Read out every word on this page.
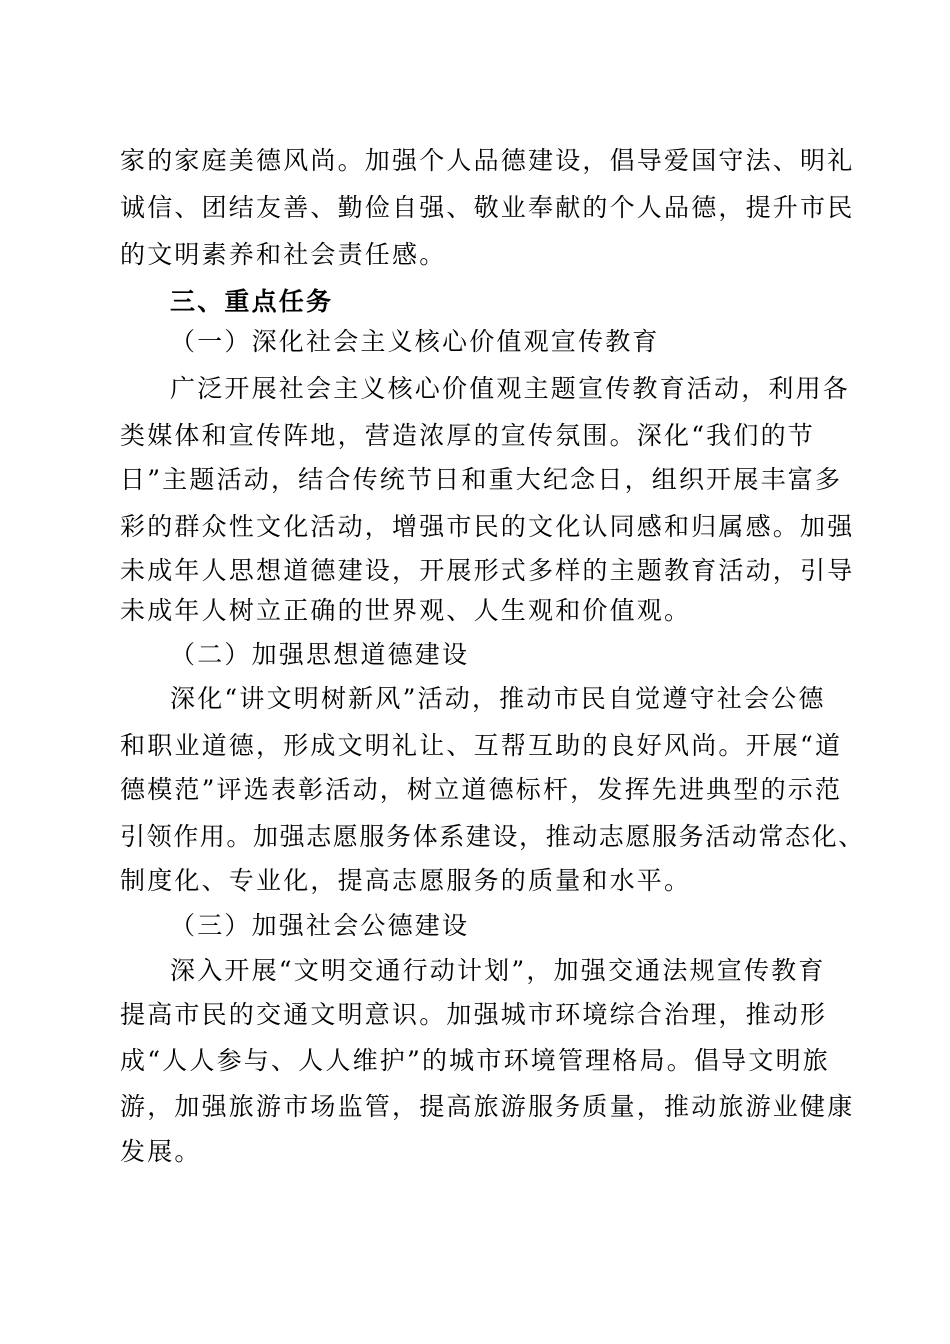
家的家庭美德风尚。加强个人品德建设，倡导爱国守法、明礼
诚信、团结友善、勤俭自强、敬业奉献的个人品德，提升市民
的文明素养和社会责任感。
三、重点任务
（一）深化社会主义核心价值观宣传教育
广泛开展社会主义核心价值观主题宣传教育活动，利用各
类媒体和宣传阵地，营造浓厚的宣传氛围。深化“我们的节
日”主题活动，结合传统节日和重大纪念日，组织开展丰富多
彩的群众性文化活动，增强市民的文化认同感和归属感。加强
未成年人思想道德建设，开展形式多样的主题教育活动，引导
未成年人树立正确的世界观、人生观和价值观。
（二）加强思想道德建设
深化“讲文明树新风”活动，推动市民自觉遵守社会公德
和职业道德，形成文明礼让、互帮互助的良好风尚。开展“道
德模范”评选表彰活动，树立道德标杆，发挥先进典型的示范
引领作用。加强志愿服务体系建设，推动志愿服务活动常态化、
制度化、专业化，提高志愿服务的质量和水平。
（三）加强社会公德建设
深入开展“文明交通行动计划”，加强交通法规宣传教育
提高市民的交通文明意识。加强城市环境综合治理，推动形
成“人人参与、人人维护”的城市环境管理格局。倡导文明旅
游，加强旅游市场监管，提高旅游服务质量，推动旅游业健康
发展。
